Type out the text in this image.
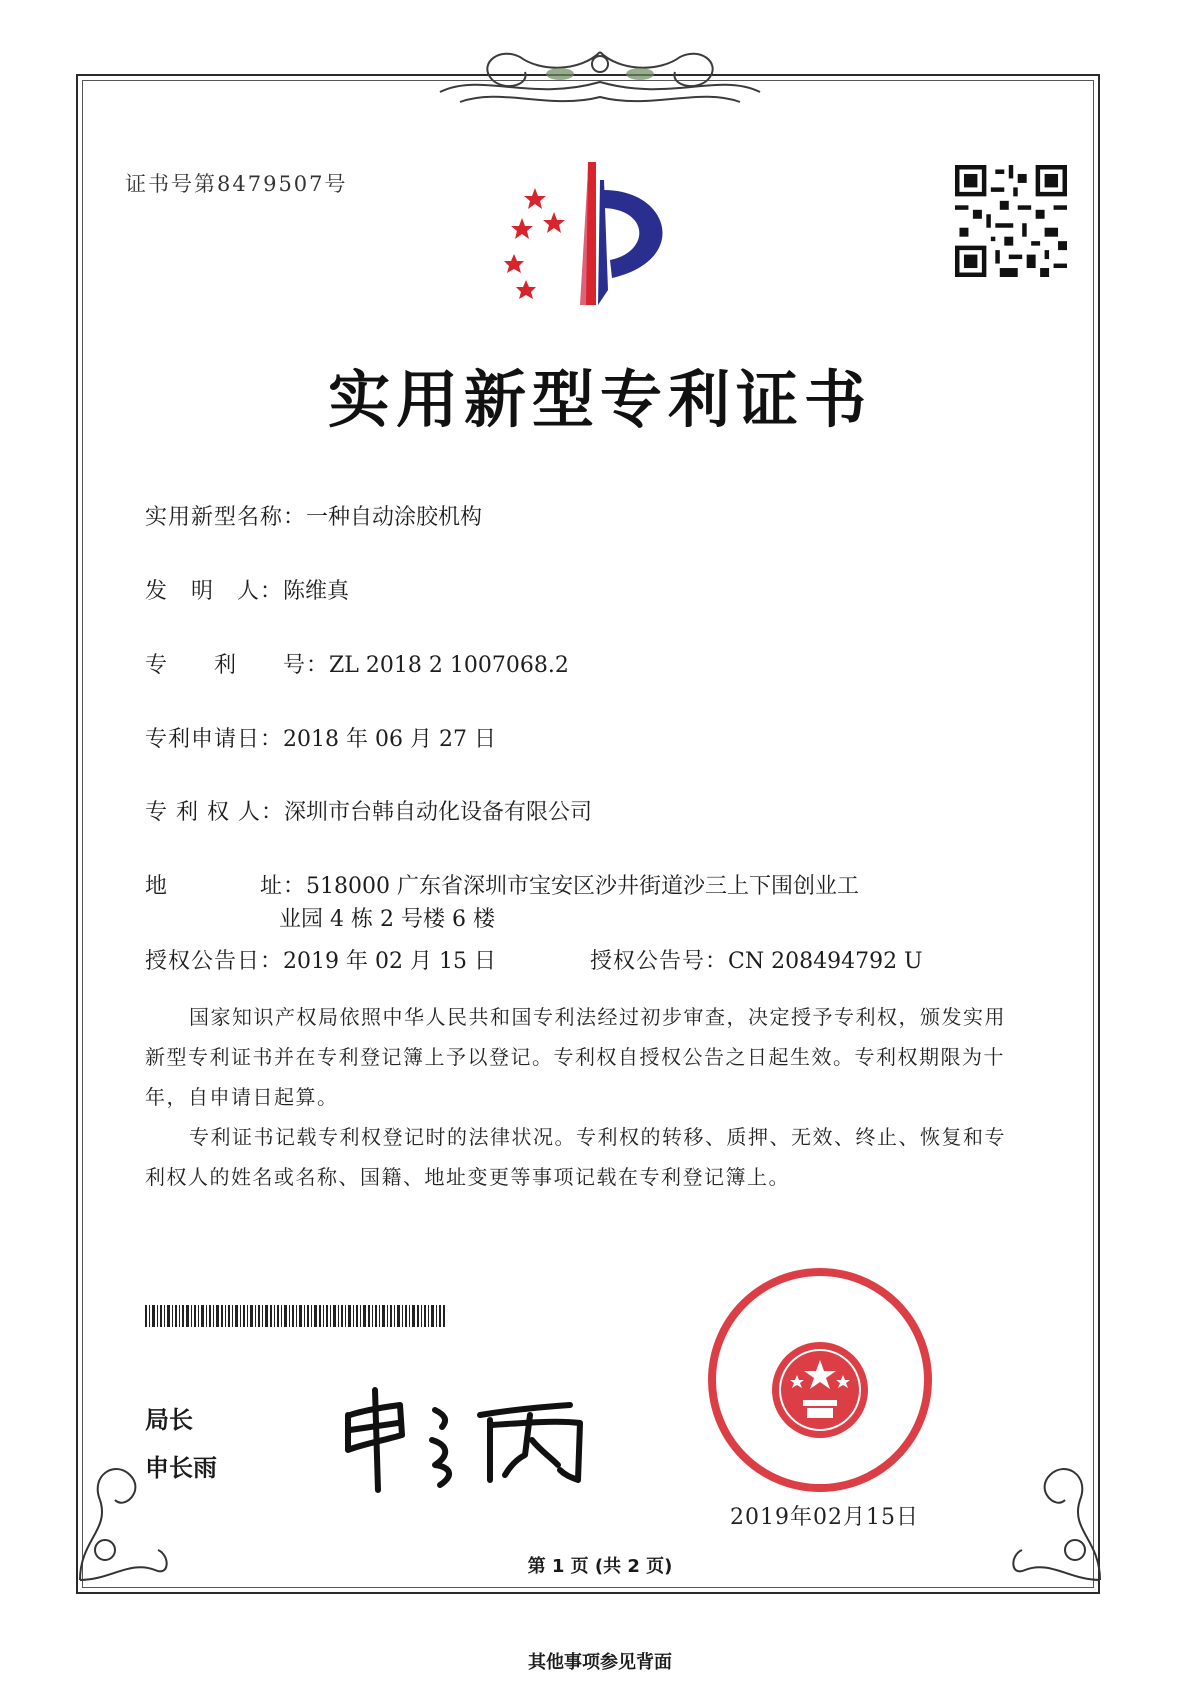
证书号第8479507号
实用新型专利证书
实用新型名称：一种自动涂胶机构
发　明　人：陈维真
专　　利　　号：ZL 2018 2 1007068.2
专利申请日：2018 年 06 月 27 日
专 利 权 人：深圳市台韩自动化设备有限公司
地　　　　址：518000 广东省深圳市宝安区沙井街道沙三上下围创业工
业园 4 栋 2 号楼 6 楼
授权公告日：2019 年 02 月 15 日	授权公告号：CN 208494792 U
国家知识产权局依照中华人民共和国专利法经过初步审查，决定授予专利权，颁发实用
新型专利证书并在专利登记簿上予以登记。专利权自授权公告之日起生效。专利权期限为十
年，自申请日起算。
专利证书记载专利权登记时的法律状况。专利权的转移、质押、无效、终止、恢复和专
利权人的姓名或名称、国籍、地址变更等事项记载在专利登记簿上。
局长
申长雨
2019年02月15日
第 1 页 (共 2 页)
其他事项参见背面
